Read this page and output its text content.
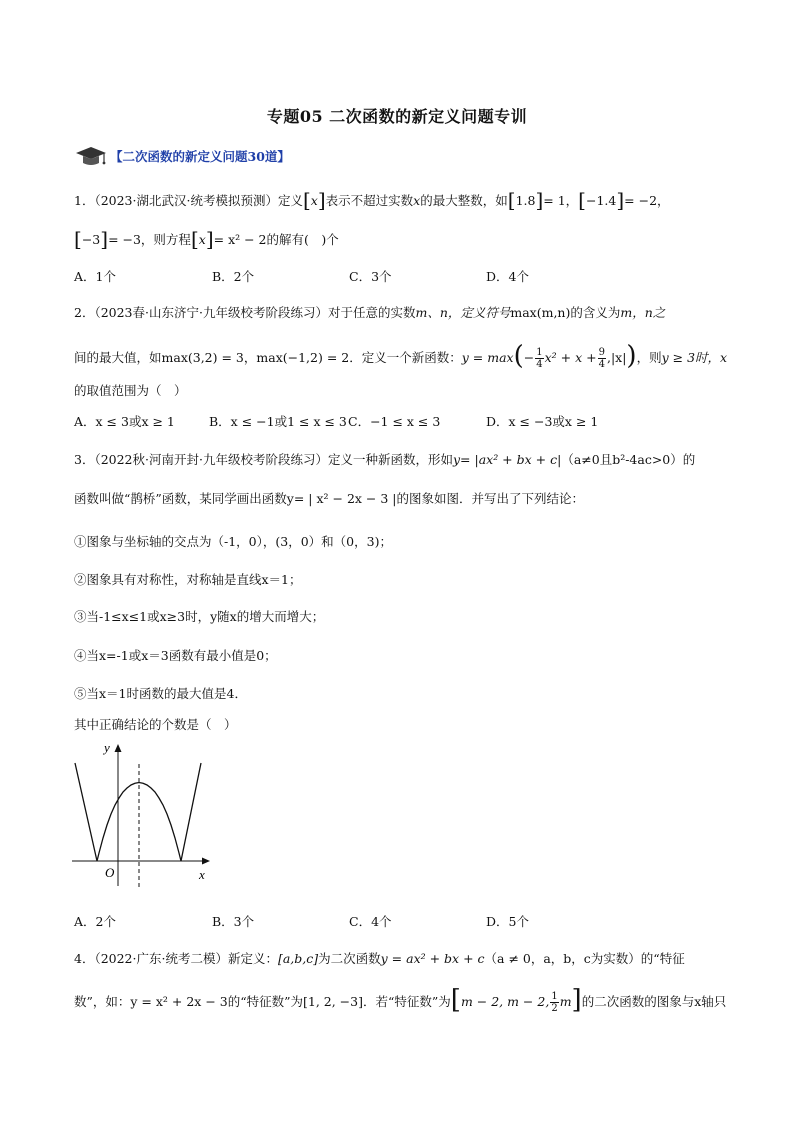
专题05 二次函数的新定义问题专训
【二次函数的新定义问题30道】
1．（2023·湖北武汉·统考模拟预测）定义[x]表示不超过实数x的最大整数，如[1.8]= 1，[−1.4]= −2，
[−3]= −3，则方程[x]= x² − 2的解有(　)个
A．1个	B．2个	C．3个	D．4个
2．（2023春·山东济宁·九年级校考阶段练习）对于任意的实数m、n，定义符号max(m,n)的含义为m，n之
间的最大值，如max(3,2) = 3，max(−1,2) = 2．定义一个新函数：$y = \max(- \frac{1}{4} x^2 + x + \frac{9}{4} ,|x|)$，则y ≥ 3时，x
的取值范围为（　）
A．x ≤ 3或x ≥ 1	B．x ≤ −1或1 ≤ x ≤ 3 C．−1 ≤ x ≤ 3	D．x ≤ −3或x ≥ 1
3．（2022秋·河南开封·九年级校考阶段练习）定义一种新函数，形如y= |ax² + bx + c|（a≠0且b²-4ac>0）的
函数叫做“鹊桥”函数，某同学画出函数y= | x² − 2x − 3 |的图象如图．并写出了下列结论：
①图象与坐标轴的交点为（-1，0），(3，0）和（0，3)；
②图象具有对称性，对称轴是直线x＝1；
③当-1≤x≤1或x≥3时，y随x的增大而增大；
④当x=-1或x＝3函数有最小值是0；
⑤当x＝1时函数的最大值是4．
其中正确结论的个数是（　）
y
x
O
A．2个	B．3个	C．4个	D．5个
4．（2022·广东·统考二模）新定义：[a,b,c]为二次函数y = ax² + bx + c（a ≠ 0，a，b，c为实数）的“特征
数”，如：y = x² + 2x − 3的“特征数”为[1, 2, −3]．若“特征数”为[m − 2, m − 2, $\frac{1}{2} m$]的二次函数的图象与x轴只
